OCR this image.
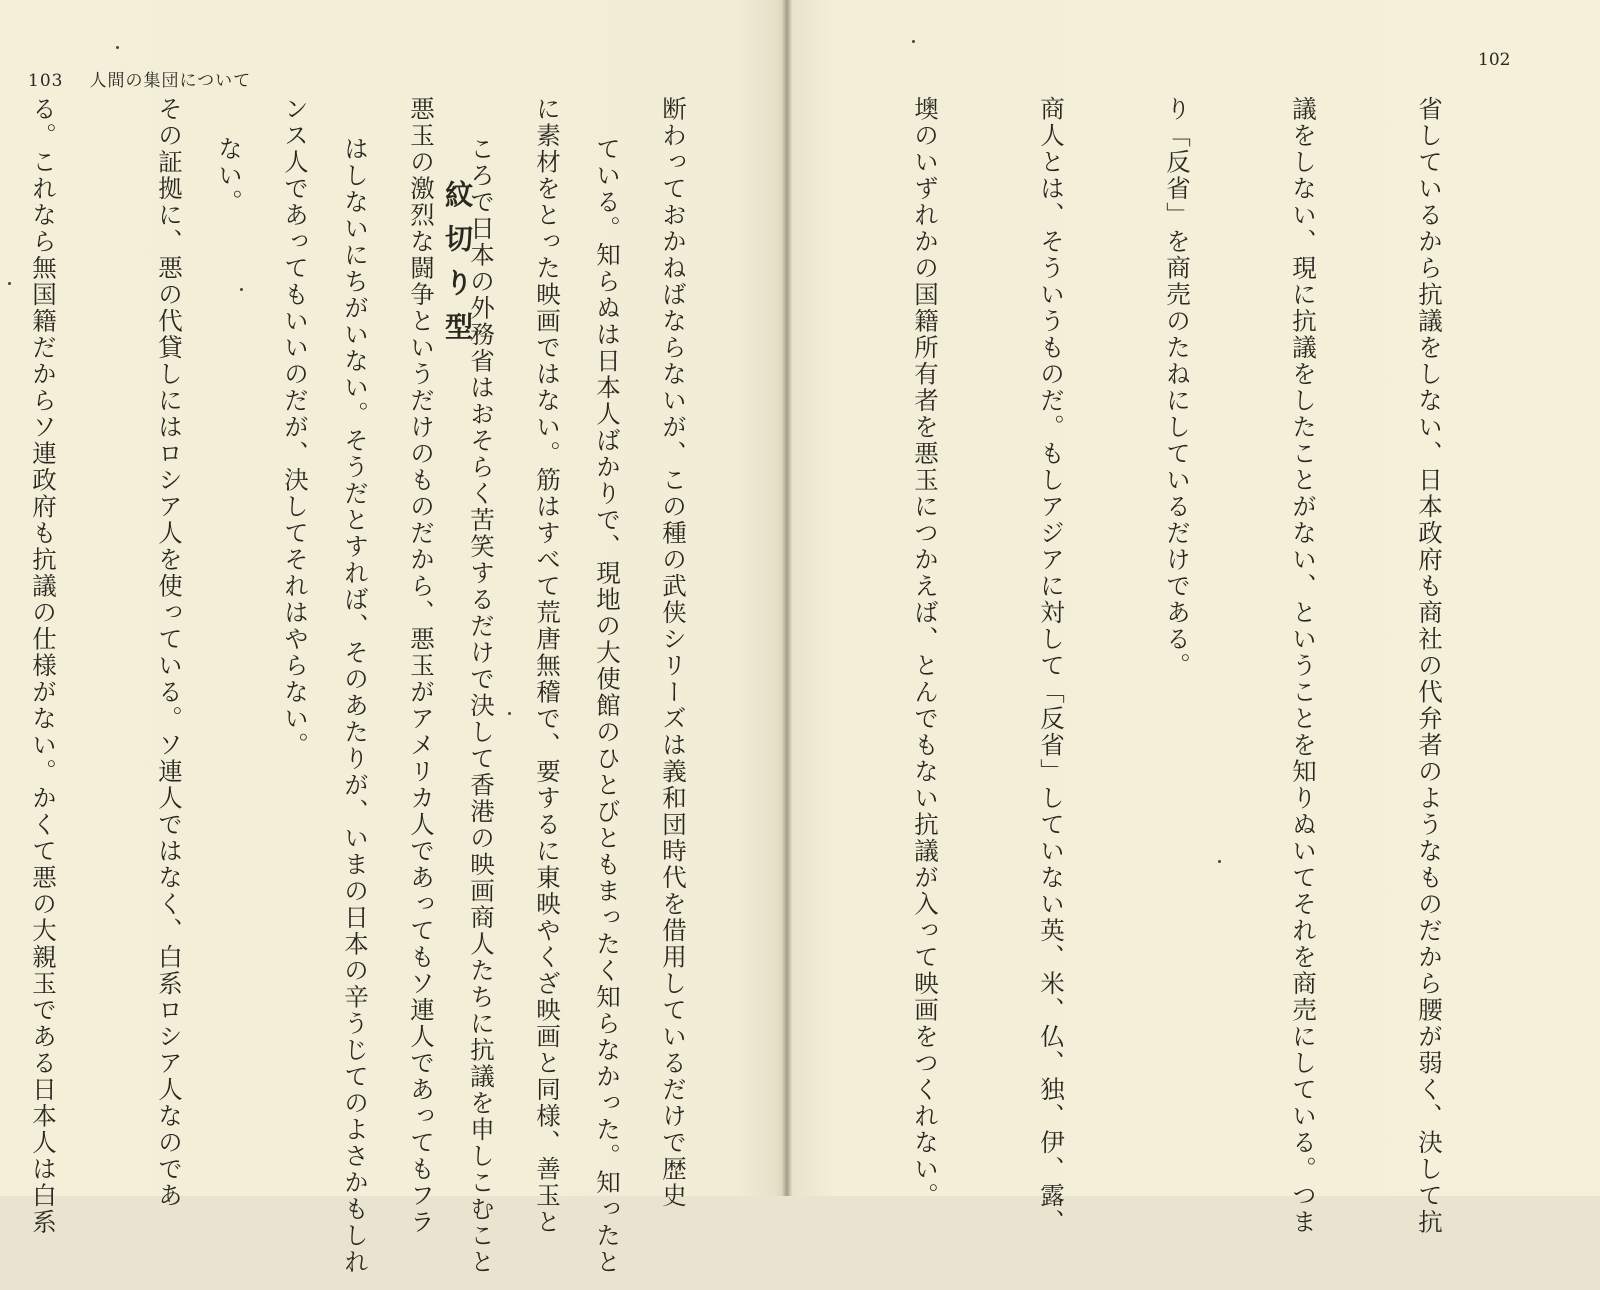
103 人間の集団について
102

省しているから抗議をしない、日本政府も商社の代弁者のようなものだから腰が弱く、決して抗

議をしない、現に抗議をしたことがない、ということを知りぬいてそれを商売にしている。つま

り「反省」を商売のたねにしているだけである。

商人とは、そういうものだ。もしアジアに対して「反省」していない英、米、仏、独、伊、露、

墺のいずれかの国籍所有者を悪玉につかえば、とんでもない抗議が入って映画をつくれない。

断わっておかねばならないが、この種の武侠シリーズは義和団時代を借用しているだけで歴史

に素材をとった映画ではない。筋はすべて荒唐無稽で、要するに東映やくざ映画と同様、善玉と

悪玉の激烈な闘争というだけのものだから、悪玉がアメリカ人であってもソ連人であってもフラ

ンス人であってもいいのだが、決してそれはやらない。

その証拠に、悪の代貸しにはロシア人を使っている。ソ連人ではなく、白系ロシア人なのであ

る。これなら無国籍だからソ連政府も抗議の仕様がない。かくて悪の大親玉である日本人は白系

	ている。知らぬは日本人ばかりで、現地の大使館のひとびともまったく知らなかった。知ったと

ころで日本の外務省はおそらく苦笑するだけで決して香港の映画商人たちに抗議を申しこむこと

はしないにちがいない。そうだとすれば、そのあたりが、いまの日本の辛うじてのよさかもしれ

ない。

紋切り型
